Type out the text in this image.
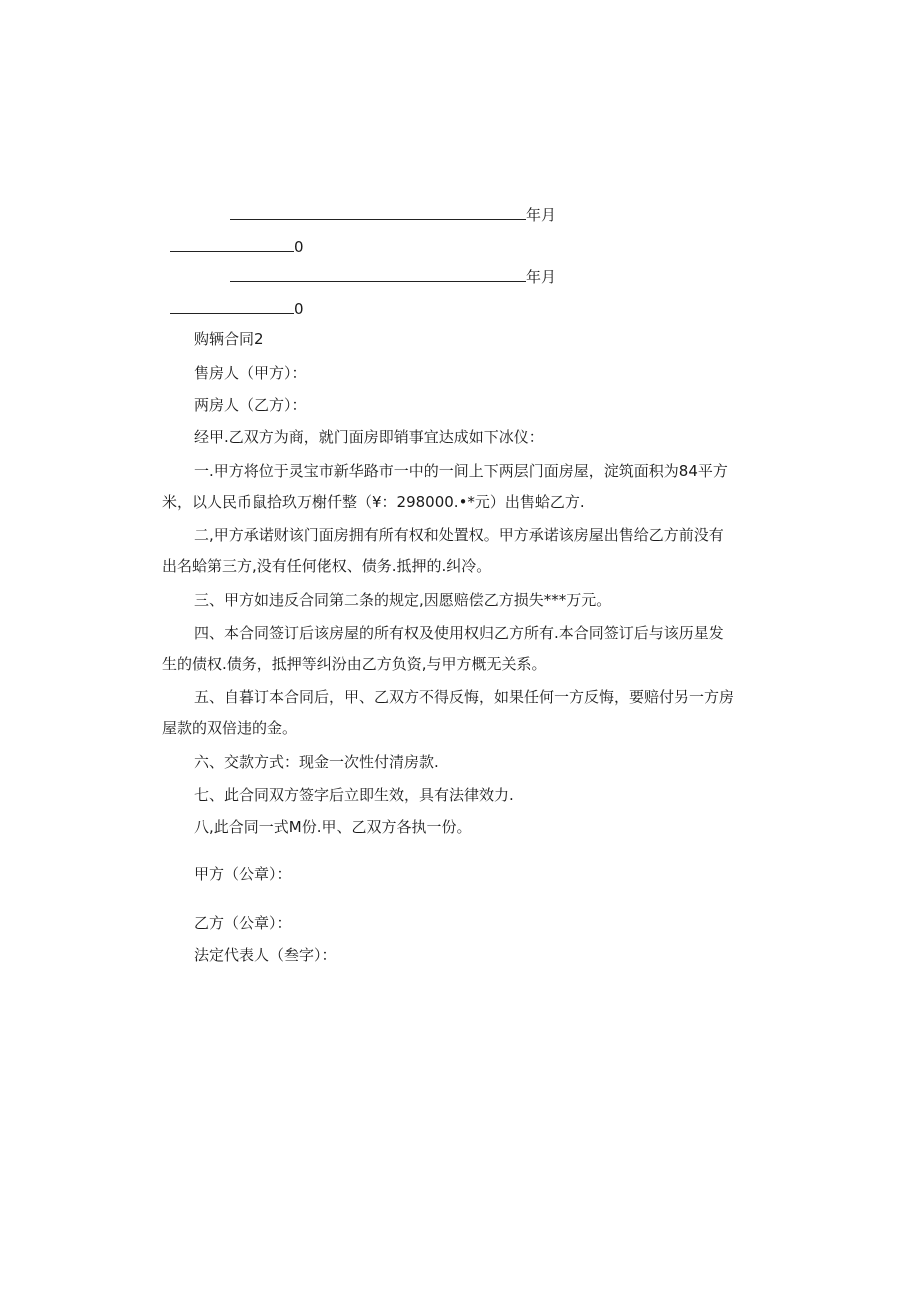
年月
0
年月
0
购辆合同2
售房人（甲方）：
两房人（乙方）：
经甲.乙双方为商，就门面房即销事宜达成如下冰仪：
一.甲方将位于灵宝市新华路市一中的一间上下两层门面房屋，淀筑面积为84平方
米，以人民币鼠拾玖万榭仟整（¥：298000.•*元）出售蛤乙方.
二,甲方承诺财该门面房拥有所有权和处置权。甲方承诺该房屋出售给乙方前没有
出名蛤第三方,没有任何佬权、债务.抵押的.纠冷。
三、甲方如违反合同第二条的规定,因愿赔偿乙方损失***万元。
四、本合同签订后该房屋的所有权及使用权归乙方所有.本合同签订后与该历星发
生的债权.债务，抵押等纠汾由乙方负资,与甲方概无关系。
五、自暮订本合同后，甲、乙双方不得反悔，如果任何一方反悔，要赔付另一方房
屋款的双倍违的金。
六、交款方式：现金一次性付清房款.
七、此合同双方签字后立即生效，具有法律效力.
八,此合同一式M份.甲、乙双方各执一份。
甲方（公章）：
乙方（公章）：
法定代表人（叁字）：
